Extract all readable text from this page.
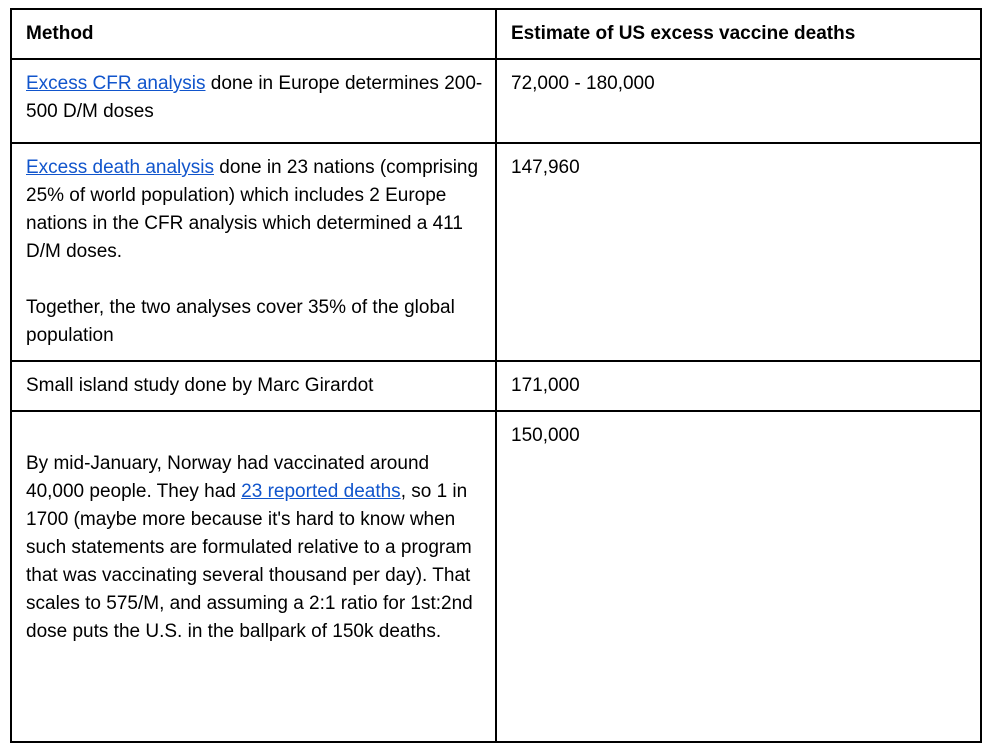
Method	Estimate of US excess vaccine deaths

Excess CFR analysis done in Europe determines 200-500 D/M doses	72,000 - 180,000

Excess death analysis done in 23 nations (comprising 25% of world population) which includes 2 Europe nations in the CFR analysis which determined a 411 D/M doses.
Together, the two analyses cover 35% of the global population	147,960

Small island study done by Marc Girardot	171,000

By mid-January, Norway had vaccinated around 40,000 people. They had 23 reported deaths, so 1 in 1700 (maybe more because it's hard to know when such statements are formulated relative to a program that was vaccinating several thousand per day). That scales to 575/M, and assuming a 2:1 ratio for 1st:2nd dose puts the U.S. in the ballpark of 150k deaths.	150,000
